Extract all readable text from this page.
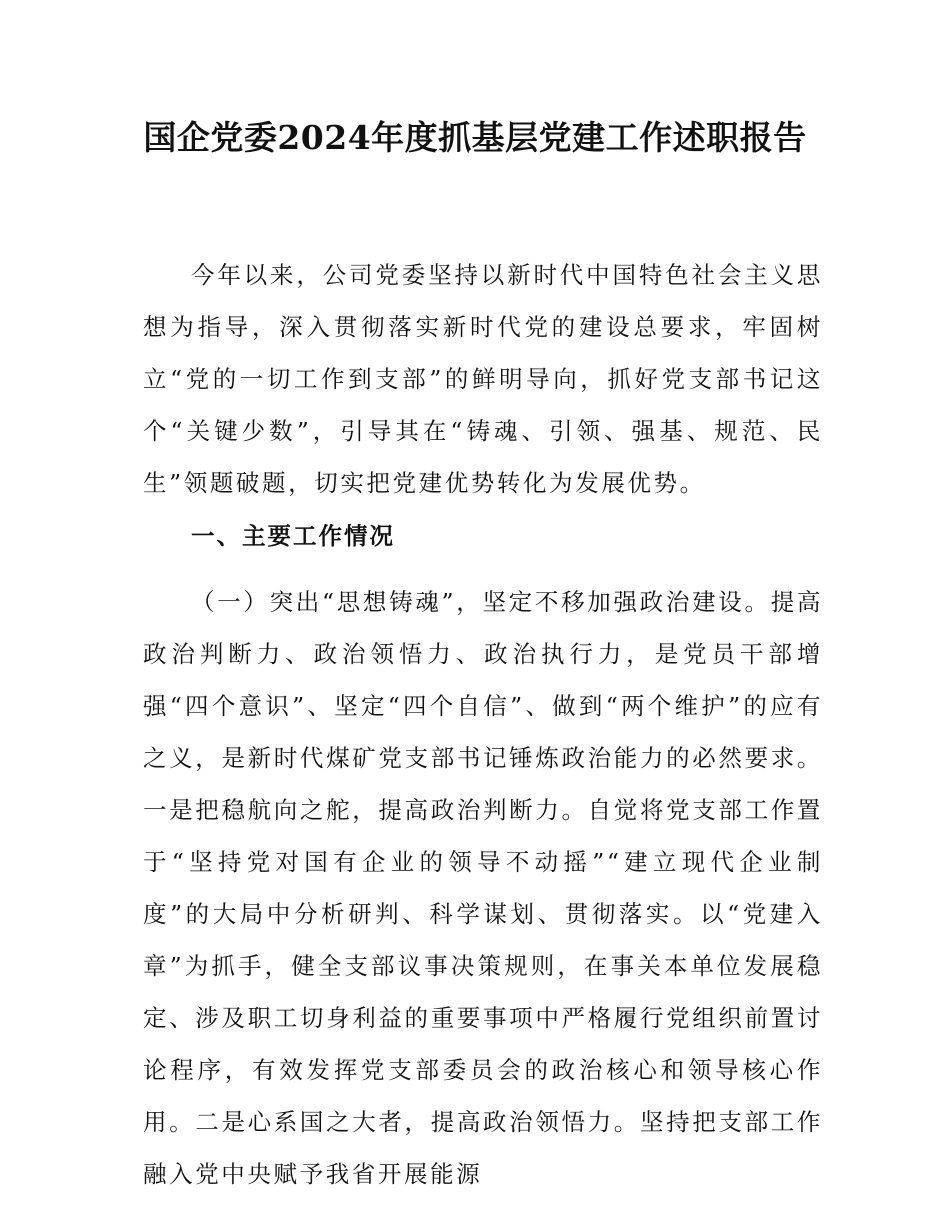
国企党委2024年度抓基层党建工作述职报告

今年以来，公司党委坚持以新时代中国特色社会主义思想为指导，深入贯彻落实新时代党的建设总要求，牢固树立“党的一切工作到支部”的鲜明导向，抓好党支部书记这个“关键少数”，引导其在“铸魂、引领、强基、规范、民生”领题破题，切实把党建优势转化为发展优势。

一、主要工作情况

（一）突出“思想铸魂”，坚定不移加强政治建设。提高政治判断力、政治领悟力、政治执行力，是党员干部增强“四个意识”、坚定“四个自信”、做到“两个维护”的应有之义，是新时代煤矿党支部书记锤炼政治能力的必然要求。一是把稳航向之舵，提高政治判断力。自觉将党支部工作置于“坚持党对国有企业的领导不动摇”“建立现代企业制度”的大局中分析研判、科学谋划、贯彻落实。以“党建入章”为抓手，健全支部议事决策规则，在事关本单位发展稳定、涉及职工切身利益的重要事项中严格履行党组织前置讨论程序，有效发挥党支部委员会的政治核心和领导核心作用。二是心系国之大者，提高政治领悟力。坚持把支部工作融入党中央赋予我省开展能源
